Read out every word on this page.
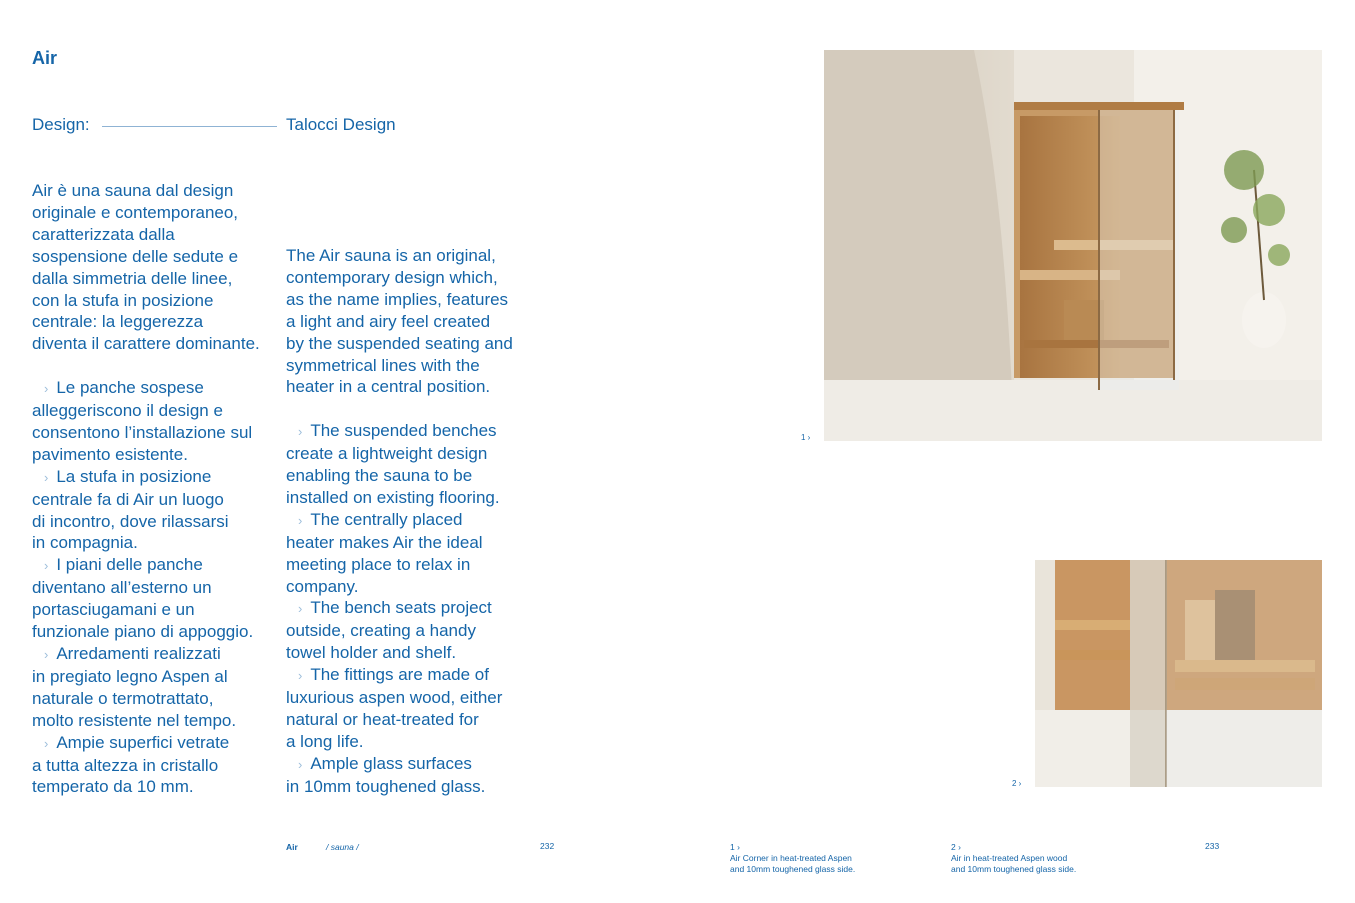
Air
Design:	Talocci Design

Air è una sauna dal design

originale e contemporaneo,

caratterizzata dalla

sospensione delle sedute e

dalla simmetria delle linee,

con la stufa in posizione

centrale: la leggerezza

diventa il carattere dominante.

› Le panche sospese

alleggeriscono il design e

consentono l’installazione sul

pavimento esistente.

› La stufa in posizione

centrale fa di Air un luogo

di incontro, dove rilassarsi

in compagnia.

› I piani delle panche

diventano all’esterno un

portasciugamani e un

funzionale piano di appoggio.

› Arredamenti realizzati

in pregiato legno Aspen al

naturale o termotrattato,

molto resistente nel tempo.

› Ampie superfici vetrate

a tutta altezza in cristallo

temperato da 10 mm.

The Air sauna is an original,

contemporary design which,

as the name implies, features

a light and airy feel created

by the suspended seating and

symmetrical lines with the

heater in a central position.

› The suspended benches

create a lightweight design

enabling the sauna to be

installed on existing flooring.

› The centrally placed

heater makes Air the ideal

meeting place to relax in

company.

› The bench seats project

outside, creating a handy

towel holder and shelf.

› The fittings are made of

luxurious aspen wood, either

natural or heat-treated for

a long life.

› Ample glass surfaces

in 10mm toughened glass.

1 ›
2 ›
Air	/ sauna /	232	233
1 ›
Air Corner in heat-treated Aspen
and 10mm toughened glass side.
2 ›
Air in heat-treated Aspen wood
and 10mm toughened glass side.
